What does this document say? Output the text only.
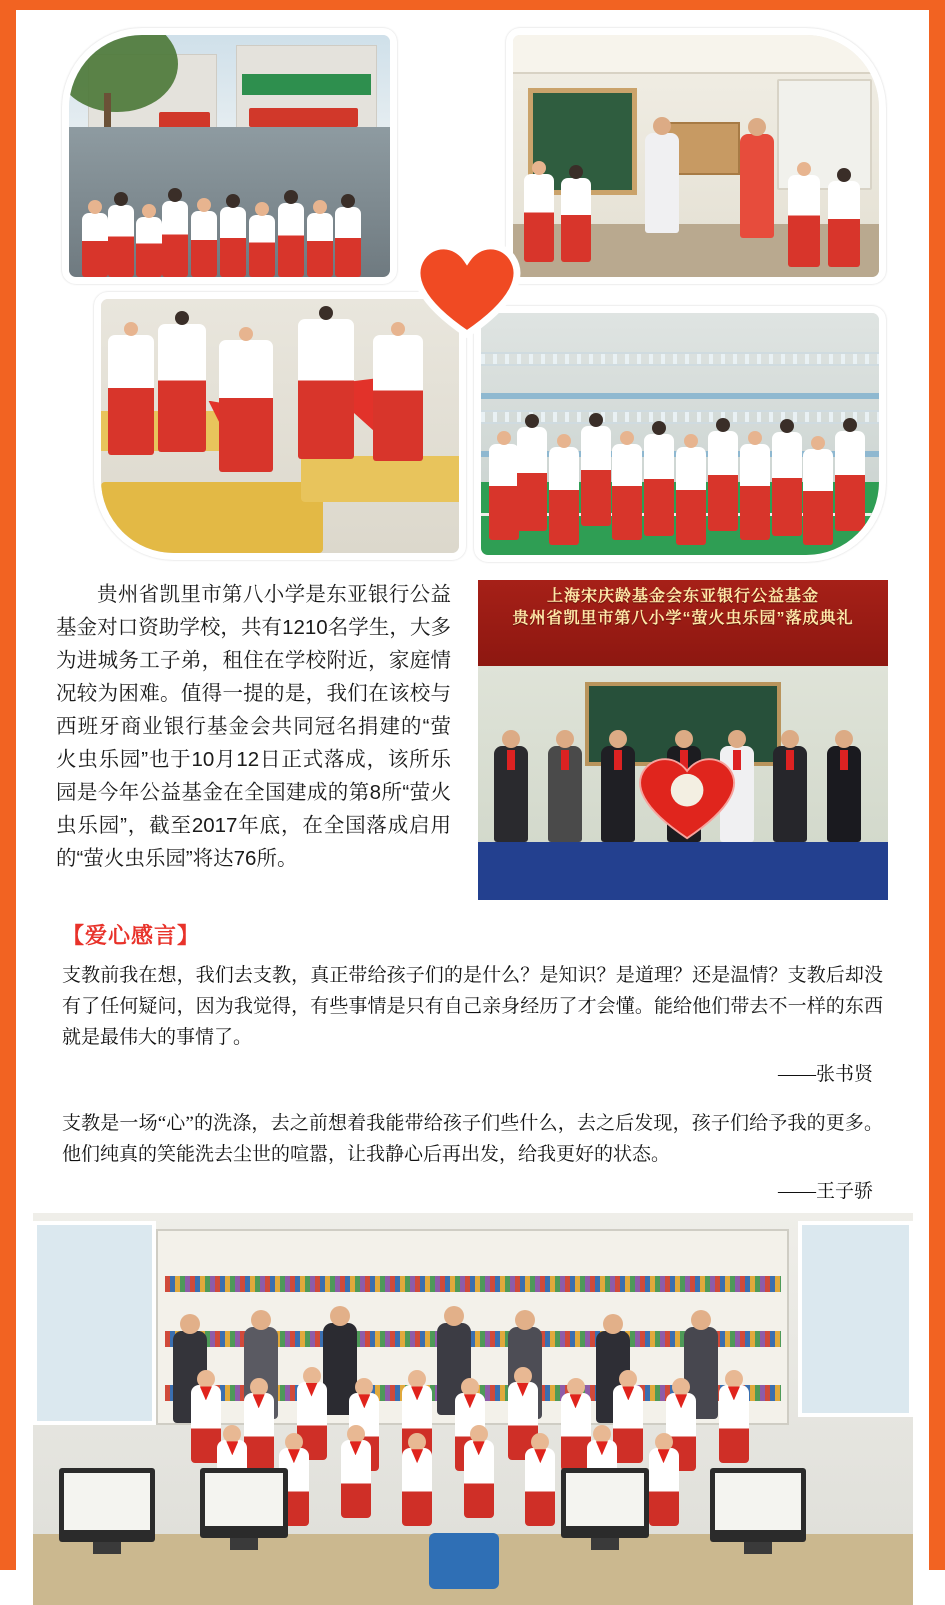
贵州省凯里市第八小学是东亚银行公益基金对口资助学校，共有1210名学生，大多为进城务工子弟，租住在学校附近，家庭情况较为困难。值得一提的是，我们在该校与西班牙商业银行基金会共同冠名捐建的“萤火虫乐园”也于10月12日正式落成，该所乐园是今年公益基金在全国建成的第8所“萤火虫乐园”，截至2017年底，在全国落成启用的“萤火虫乐园”将达76所。
上海宋庆龄基金会东亚银行公益基金
贵州省凯里市第八小学“萤火虫乐园”落成典礼
【爱心感言】
支教前我在想，我们去支教，真正带给孩子们的是什么？是知识？是道理？还是温情？支教后却没有了任何疑问，因为我觉得，有些事情是只有自己亲身经历了才会懂。能给他们带去不一样的东西就是最伟大的事情了。
——张书贤
支教是一场“心”的洗涤，去之前想着我能带给孩子们些什么，去之后发现，孩子们给予我的更多。他们纯真的笑能洗去尘世的喧嚣，让我静心后再出发，给我更好的状态。
——王子骄
